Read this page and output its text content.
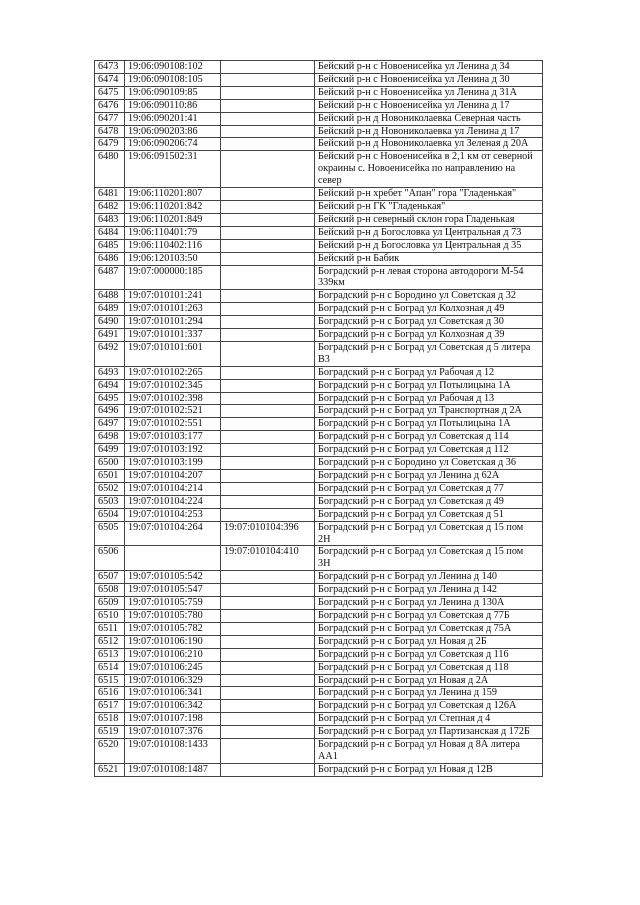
6473	19:06:090108:102		Бейский р-н с Новоенисейка ул Ленина д 34
6474	19:06:090108:105		Бейский р-н с Новоенисейка ул Ленина д 30
6475	19:06:090109:85		Бейский р-н с Новоенисейка ул Ленина д 31А
6476	19:06:090110:86		Бейский р-н с Новоенисейка ул Ленина д 17
6477	19:06:090201:41		Бейский р-н д Новониколаевка Северная часть
6478	19:06:090203:86		Бейский р-н д Новониколаевка ул Ленина д 17
6479	19:06:090206:74		Бейский р-н д Новониколаевка ул Зеленая д 20А
6480	19:06:091502:31		Бейский р-н с Новоенисейка в 2,1 км от северной
окраины с. Новоенисейка по направлению на
север
6481	19:06:110201:807		Бейский р-н хребет "Апан" гора "Гладенькая"
6482	19:06:110201:842		Бейский р-н ГК "Гладенькая"
6483	19:06:110201:849		Бейский р-н северный склон гора Гладенькая
6484	19:06:110401:79		Бейский р-н д Богословка ул Центральная д 73
6485	19:06:110402:116		Бейский р-н д Богословка ул Центральная д 35
6486	19:06:120103:50		Бейский р-н Бабик
6487	19:07:000000:185		Боградский р-н левая сторона автодороги М-54
339км
6488	19:07:010101:241		Боградский р-н с Бородино ул Советская д 32
6489	19:07:010101:263		Боградский р-н с Боград ул Колхозная д 49
6490	19:07:010101:294		Боградский р-н с Боград ул Советская д 30
6491	19:07:010101:337		Боградский р-н с Боград ул Колхозная д 39
6492	19:07:010101:601		Боградский р-н с Боград ул Советская д 5 литера
В3
6493	19:07:010102:265		Боградский р-н с Боград ул Рабочая д 12
6494	19:07:010102:345		Боградский р-н с Боград ул Потылицына 1А
6495	19:07:010102:398		Боградский р-н с Боград ул Рабочая д 13
6496	19:07:010102:521		Боградский р-н с Боград ул Транспортная д 2А
6497	19:07:010102:551		Боградский р-н с Боград ул Потылицына 1А
6498	19:07:010103:177		Боградский р-н с Боград ул Советская д 114
6499	19:07:010103:192		Боградский р-н с Боград ул Советская д 112
6500	19:07:010103:199		Боградский р-н с Бородино ул Советская д 36
6501	19:07:010104:207		Боградский р-н с Боград ул Ленина д 62А
6502	19:07:010104:214		Боградский р-н с Боград ул Советская д 77
6503	19:07:010104:224		Боградский р-н с Боград ул Советская д 49
6504	19:07:010104:253		Боградский р-н с Боград ул Советская д 51
6505	19:07:010104:264	19:07:010104:396	Боградский р-н с Боград ул Советская д 15 пом
2Н
6506		19:07:010104:410	Боградский р-н с Боград ул Советская д 15 пом
3Н
6507	19:07:010105:542		Боградский р-н с Боград ул Ленина д 140
6508	19:07:010105:547		Боградский р-н с Боград ул Ленина д 142
6509	19:07:010105:759		Боградский р-н с Боград ул Ленина д 130А
6510	19:07:010105:780		Боградский р-н с Боград ул Советская д 77Б
6511	19:07:010105:782		Боградский р-н с Боград ул Советская д 75А
6512	19:07:010106:190		Боградский р-н с Боград ул Новая д 2Б
6513	19:07:010106:210		Боградский р-н с Боград ул Советская д 116
6514	19:07:010106:245		Боградский р-н с Боград ул Советская д 118
6515	19:07:010106:329		Боградский р-н с Боград ул Новая д 2А
6516	19:07:010106:341		Боградский р-н с Боград ул Ленина д 159
6517	19:07:010106:342		Боградский р-н с Боград ул Советская д 126А
6518	19:07:010107:198		Боградский р-н с Боград ул Степная д 4
6519	19:07:010107:376		Боградский р-н с Боград ул Партизанская д 172Б
6520	19:07:010108:1433		Боградский р-н с Боград ул Новая д 8А литера
АА1
6521	19:07:010108:1487		Боградский р-н с Боград ул Новая д 12В
